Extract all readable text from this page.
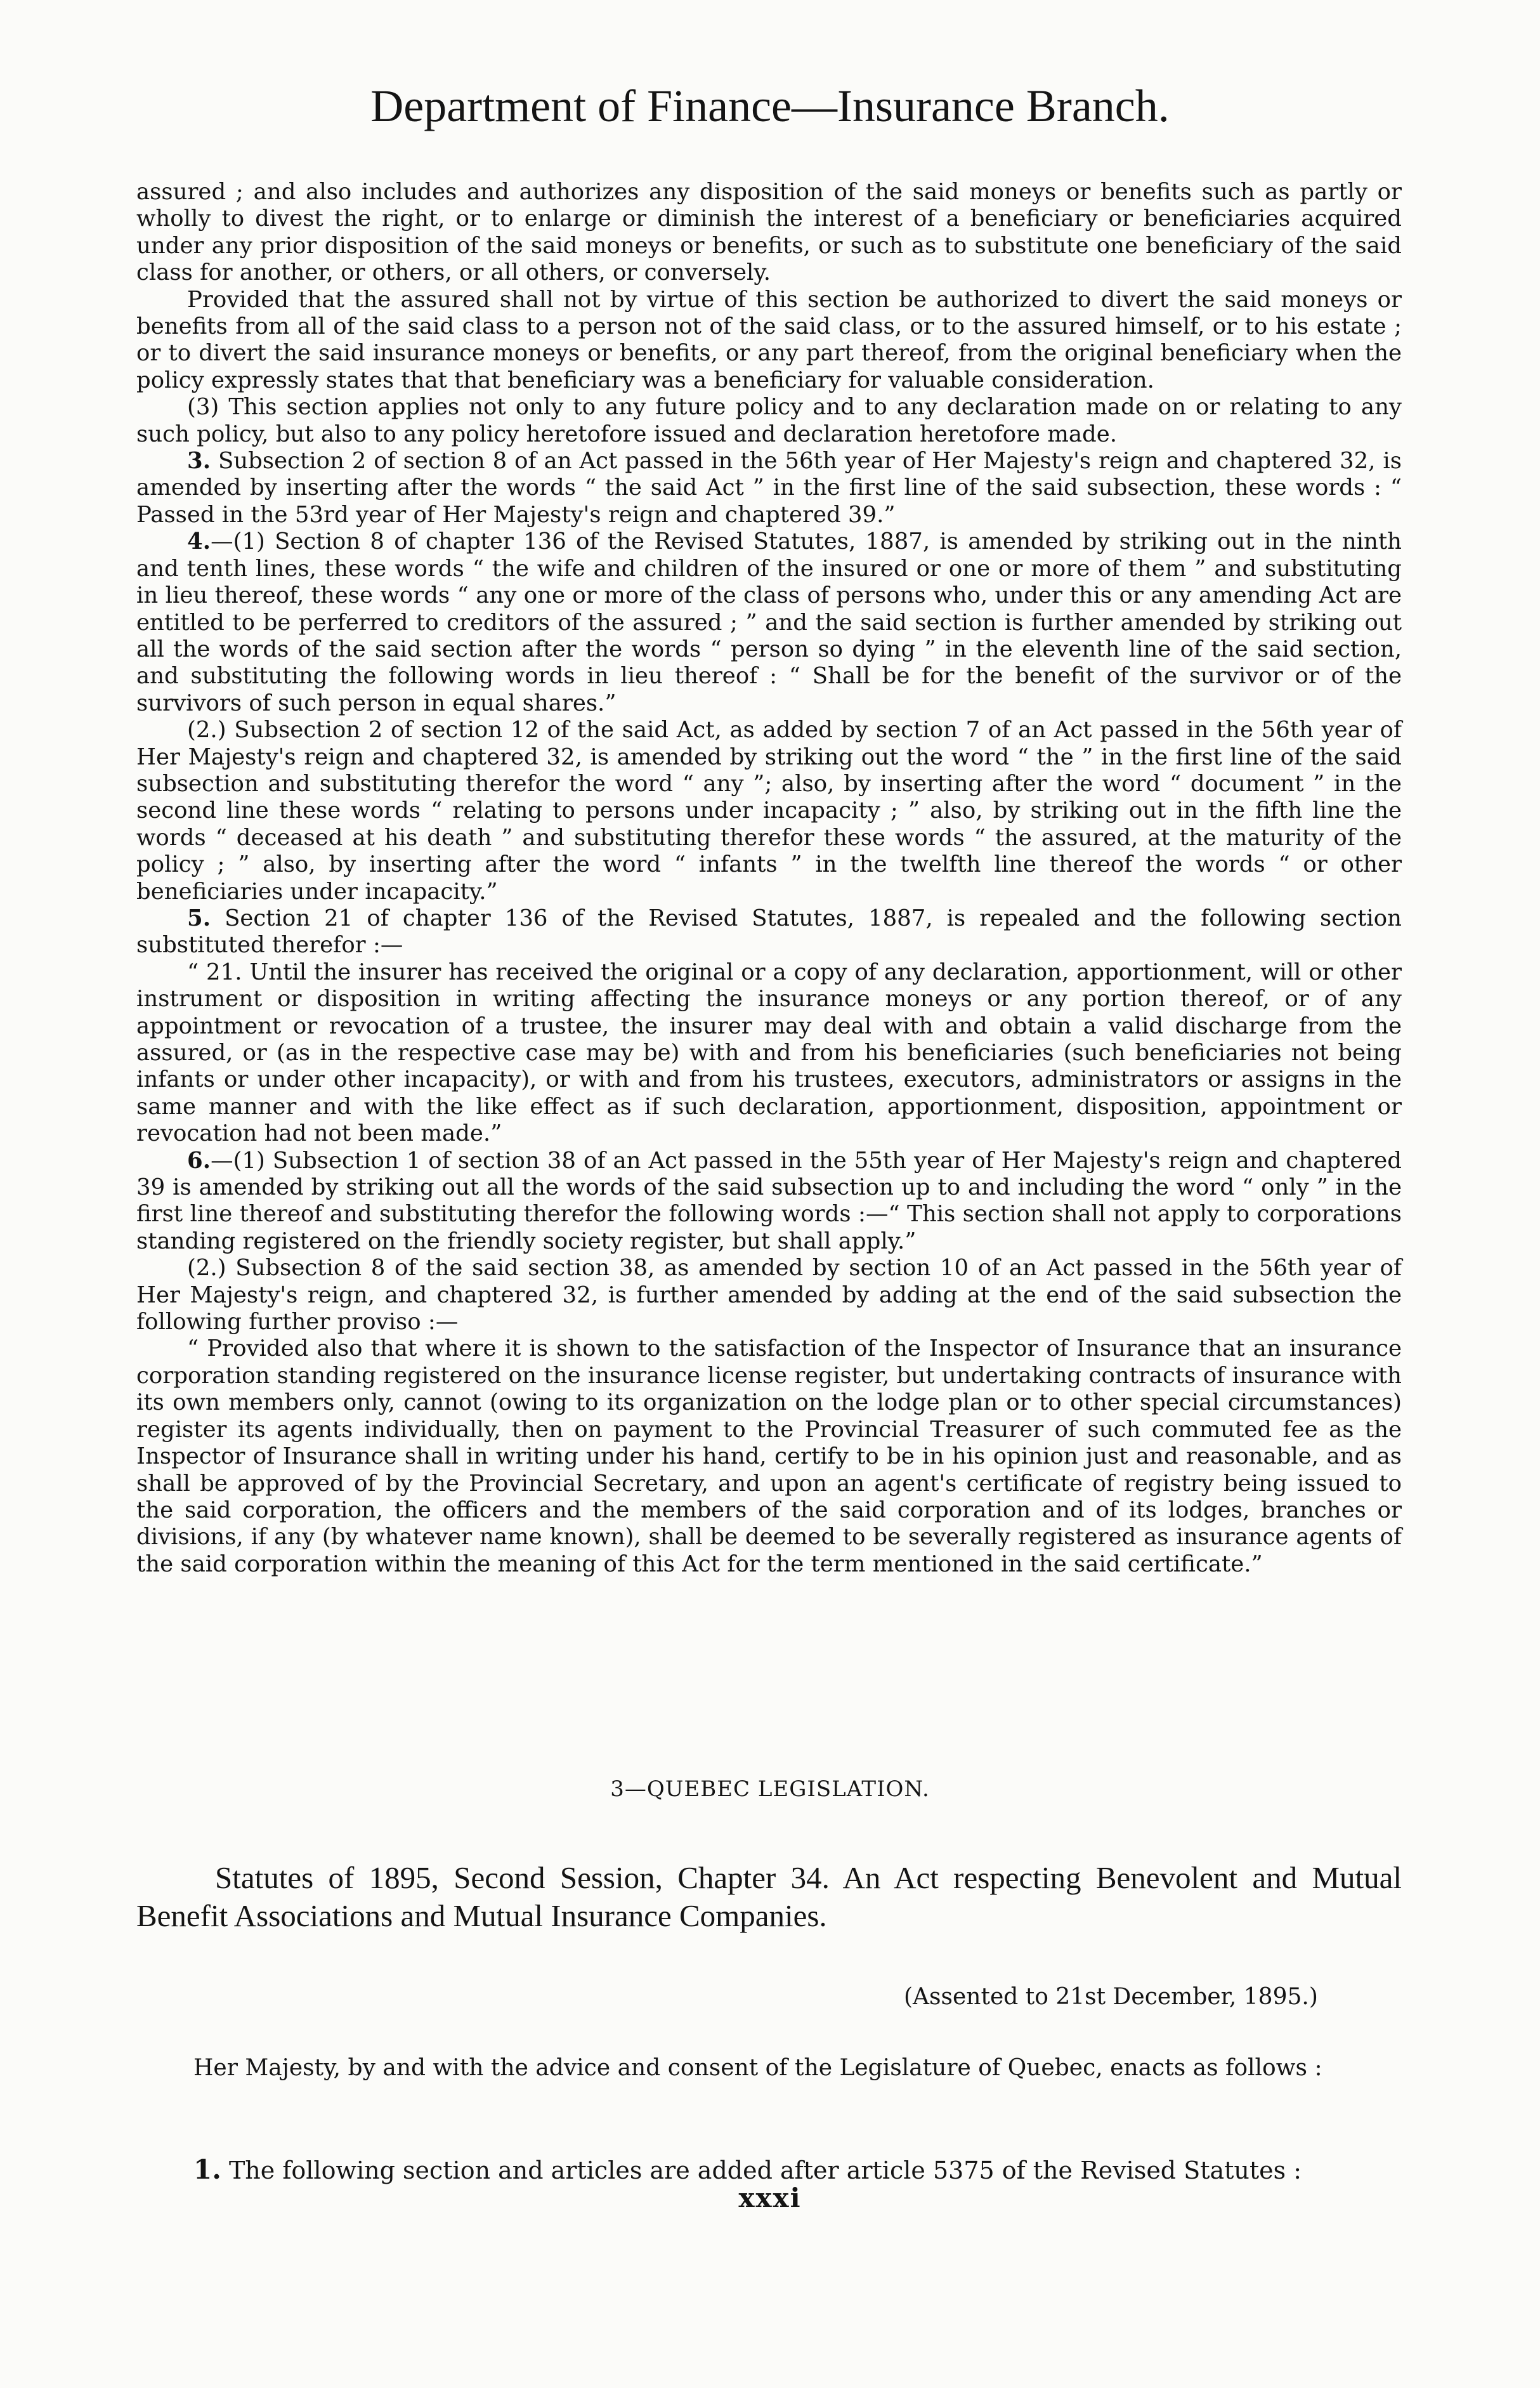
Department of Finance—Insurance Branch.

assured ; and also includes and authorizes any disposition of the said moneys or benefits such as partly or wholly to divest the right, or to enlarge or diminish the interest of a beneficiary or beneficiaries acquired under any prior disposition of the said moneys or benefits, or such as to substitute one beneficiary of the said class for another, or others, or all others, or conversely.

Provided that the assured shall not by virtue of this section be authorized to divert the said moneys or benefits from all of the said class to a person not of the said class, or to the assured himself, or to his estate ; or to divert the said insurance moneys or benefits, or any part thereof, from the original beneficiary when the policy expressly states that that beneficiary was a beneficiary for valuable consideration.

(3) This section applies not only to any future policy and to any declaration made on or relating to any such policy, but also to any policy heretofore issued and declaration heretofore made.

3. Subsection 2 of section 8 of an Act passed in the 56th year of Her Majesty's reign and chaptered 32, is amended by inserting after the words “ the said Act ” in the first line of the said subsection, these words : “ Passed in the 53rd year of Her Majesty's reign and chaptered 39.”

4.—(1) Section 8 of chapter 136 of the Revised Statutes, 1887, is amended by striking out in the ninth and tenth lines, these words “ the wife and children of the insured or one or more of them ” and substituting in lieu thereof, these words “ any one or more of the class of persons who, under this or any amending Act are entitled to be perferred to creditors of the assured ; ” and the said section is further amended by striking out all the words of the said section after the words “ person so dying ” in the eleventh line of the said section, and substituting the following words in lieu thereof : “ Shall be for the benefit of the survivor or of the survivors of such person in equal shares.”

(2.) Subsection 2 of section 12 of the said Act, as added by section 7 of an Act passed in the 56th year of Her Majesty's reign and chaptered 32, is amended by striking out the word “ the ” in the first line of the said subsection and substituting therefor the word “ any ”; also, by inserting after the word “ document ” in the second line these words “ relating to persons under incapacity ; ” also, by striking out in the fifth line the words “ deceased at his death ” and substituting therefor these words “ the assured, at the maturity of the policy ; ” also, by inserting after the word “ infants ” in the twelfth line thereof the words “ or other beneficiaries under incapacity.”

5. Section 21 of chapter 136 of the Revised Statutes, 1887, is repealed and the following section substituted therefor :—

“ 21. Until the insurer has received the original or a copy of any declaration, apportionment, will or other instrument or disposition in writing affecting the insurance moneys or any portion thereof, or of any appointment or revocation of a trustee, the insurer may deal with and obtain a valid discharge from the assured, or (as in the respective case may be) with and from his beneficiaries (such beneficiaries not being infants or under other incapacity), or with and from his trustees, executors, administrators or assigns in the same manner and with the like effect as if such declaration, apportionment, disposition, appointment or revocation had not been made.”

6.—(1) Subsection 1 of section 38 of an Act passed in the 55th year of Her Majesty's reign and chaptered 39 is amended by striking out all the words of the said subsection up to and including the word “ only ” in the first line thereof and substituting therefor the following words :—“ This section shall not apply to corporations standing registered on the friendly society register, but shall apply.”

(2.) Subsection 8 of the said section 38, as amended by section 10 of an Act passed in the 56th year of Her Majesty's reign, and chaptered 32, is further amended by adding at the end of the said subsection the following further proviso :—

“ Provided also that where it is shown to the satisfaction of the Inspector of Insurance that an insurance corporation standing registered on the insurance license register, but undertaking contracts of insurance with its own members only, cannot (owing to its organization on the lodge plan or to other special circumstances) register its agents individually, then on payment to the Provincial Treasurer of such commuted fee as the Inspector of Insurance shall in writing under his hand, certify to be in his opinion just and reasonable, and as shall be approved of by the Provincial Secretary, and upon an agent's certificate of registry being issued to the said corporation, the officers and the members of the said corporation and of its lodges, branches or divisions, if any (by whatever name known), shall be deemed to be severally registered as insurance agents of the said corporation within the meaning of this Act for the term mentioned in the said certificate.”

3—QUEBEC LEGISLATION.
Statutes of 1895, Second Session, Chapter 34. An Act respecting Benevolent and Mutual Benefit Associations and Mutual Insurance Companies.
(Assented to 21st December, 1895.)
Her Majesty, by and with the advice and consent of the Legislature of Quebec, enacts as follows :
1. The following section and articles are added after article 5375 of the Revised Statutes :
xxxi
